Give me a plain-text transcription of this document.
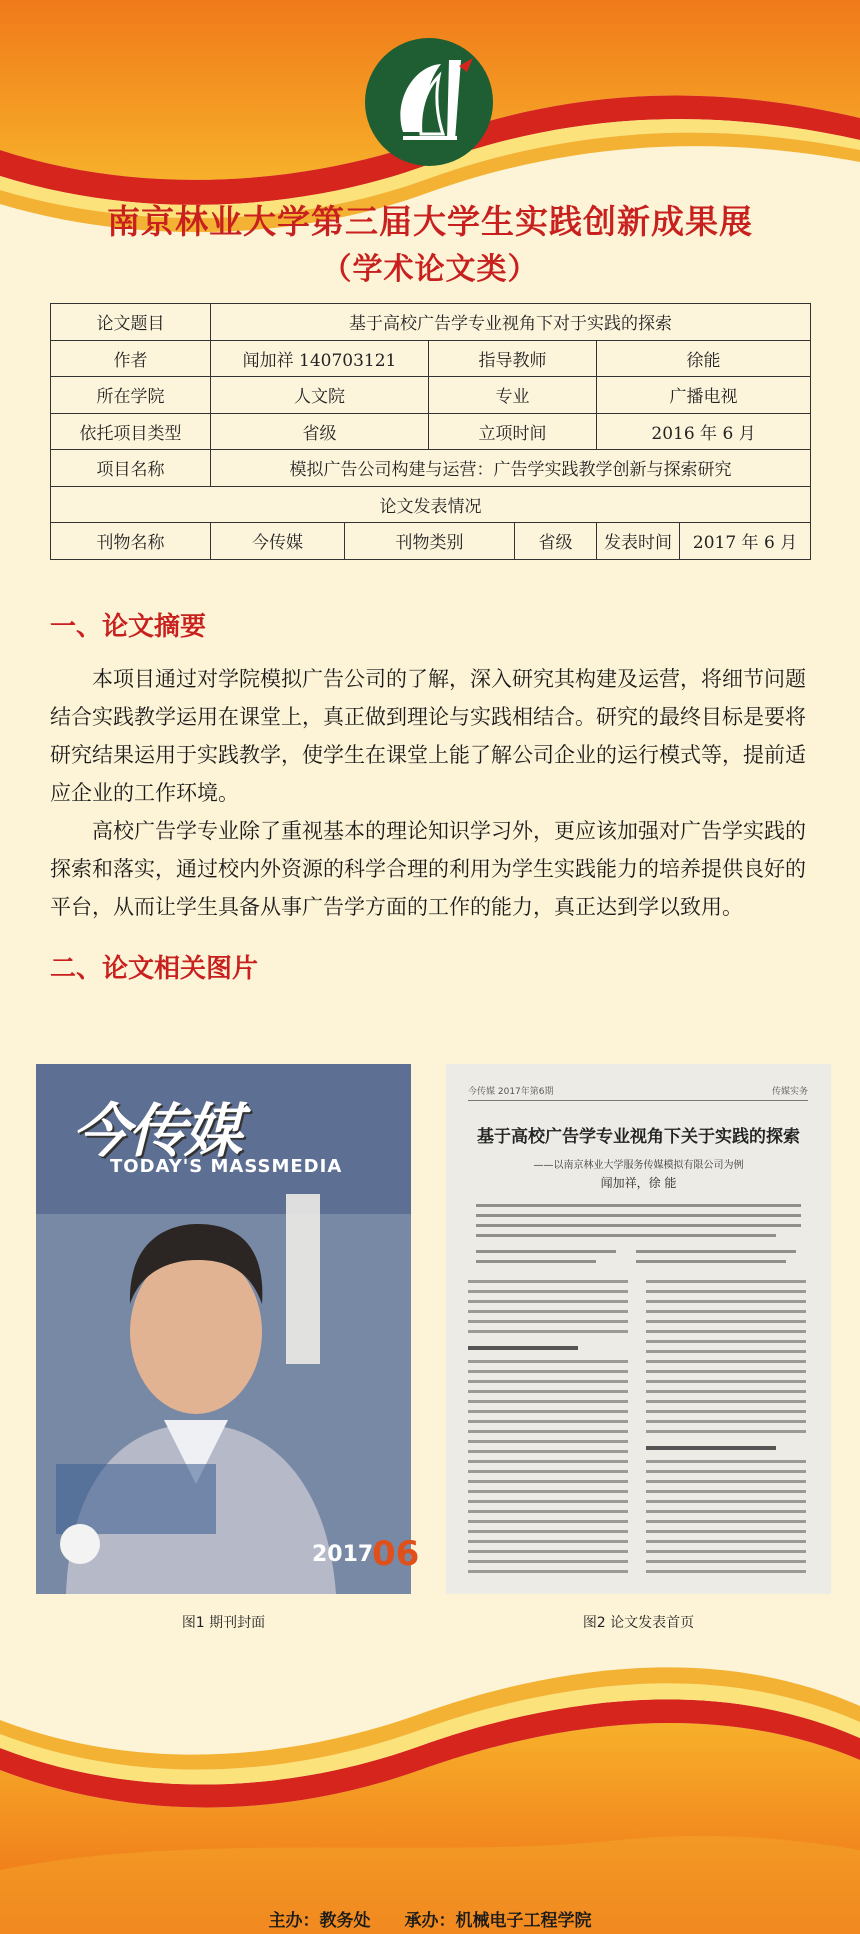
南京林业大学第三届大学生实践创新成果展
（学术论文类）
论文题目	基于高校广告学专业视角下对于实践的探索				
作者	闻加祥 140703121		指导教师		徐能
所在学院	人文院		专业		广播电视
依托项目类型	省级		立项时间		2016 年 6 月
项目名称	模拟广告公司构建与运营：广告学实践教学创新与探索研究				
论文发表情况					
刊物名称	今传媒	刊物类别		省级	发表时间 2017 年 6 月
一、论文摘要

本项目通过对学院模拟广告公司的了解，深入研究其构建及运营，将细节问题结合实践教学运用在课堂上，真正做到理论与实践相结合。研究的最终目标是要将研究结果运用于实践教学，使学生在课堂上能了解公司企业的运行模式等，提前适应企业的工作环境。

高校广告学专业除了重视基本的理论知识学习外，更应该加强对广告学实践的探索和落实，通过校内外资源的科学合理的利用为学生实践能力的培养提供良好的平台，从而让学生具备从事广告学方面的工作的能力，真正达到学以致用。

二、论文相关图片
今传媒
TODAY'S MASSMEDIA
2017.
06
今传媒 2017年第6期	传媒实务
基于高校广告学专业视角下关于实践的探索
——以南京林业大学服务传媒模拟有限公司为例
闻加祥，徐 能
图1 期刊封面	图2 论文发表首页
主办：教务处 承办：机械电子工程学院
